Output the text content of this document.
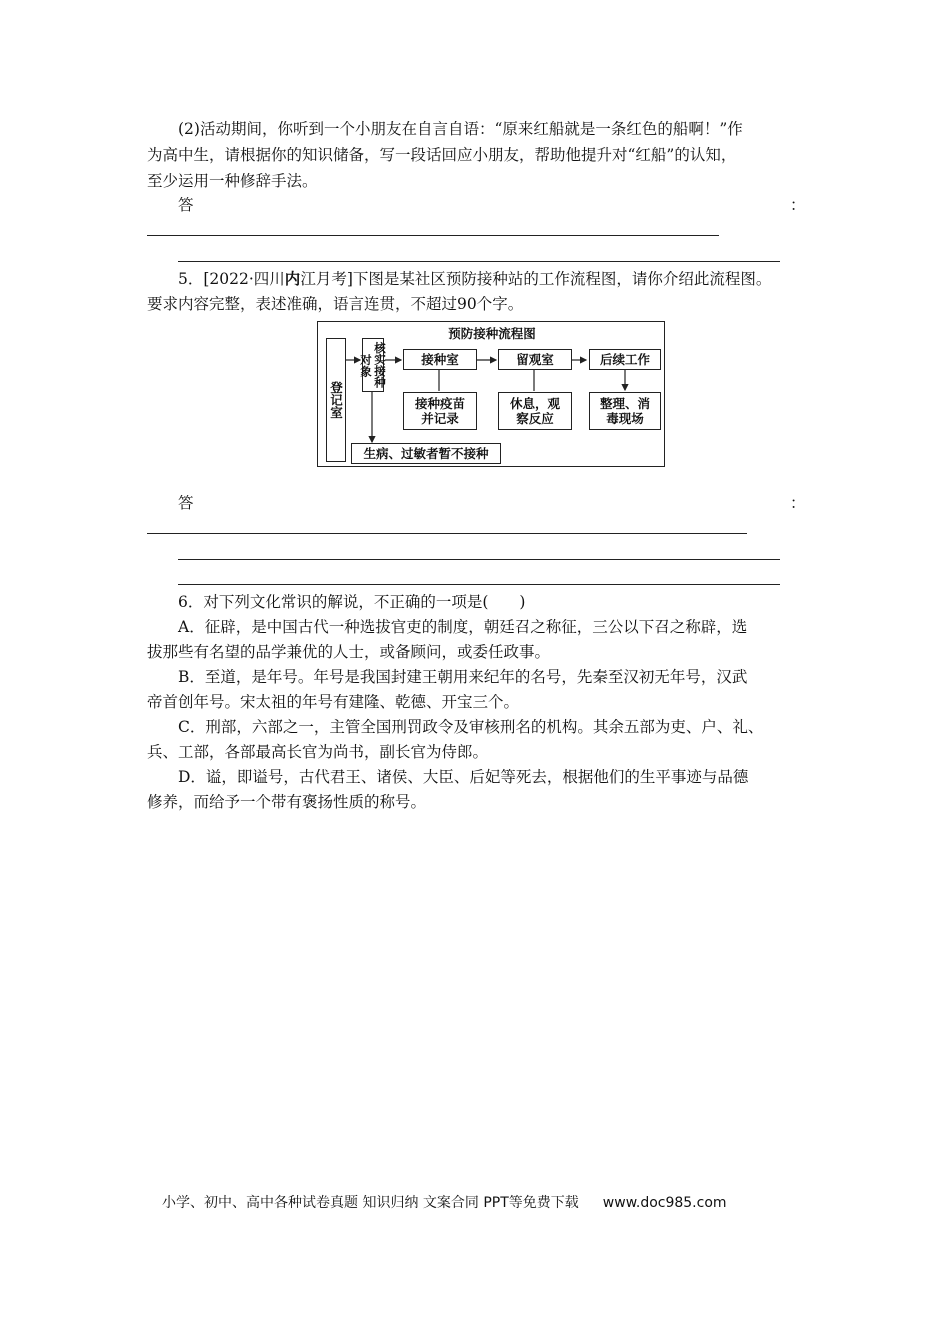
(2)活动期间，你听到一个小朋友在自言自语：“原来红船就是一条红色的船啊！”作
为高中生，请根据你的知识储备，写一段话回应小朋友，帮助他提升对“红船”的认知，
至少运用一种修辞手法。
答	：
5．[2022·四川内江月考]下图是某社区预防接种站的工作流程图，请你介绍此流程图。
要求内容完整，表述准确，语言连贯，不超过90个字。
预防接种流程图
登记室
核实接种对象	接种室	留观室	后续工作
接种疫苗并记录
休息，观察反应
整理、消毒现场
生病、过敏者暂不接种
答	：
6．对下列文化常识的解说，不正确的一项是(　　)
A．征辟，是中国古代一种选拔官吏的制度，朝廷召之称征，三公以下召之称辟，选
拔那些有名望的品学兼优的人士，或备顾问，或委任政事。
B．至道，是年号。年号是我国封建王朝用来纪年的名号，先秦至汉初无年号，汉武
帝首创年号。宋太祖的年号有建隆、乾德、开宝三个。
C．刑部，六部之一，主管全国刑罚政令及审核刑名的机构。其余五部为吏、户、礼、
兵、工部，各部最高长官为尚书，副长官为侍郎。
D．谥，即谥号，古代君王、诸侯、大臣、后妃等死去，根据他们的生平事迹与品德
修养，而给予一个带有褒扬性质的称号。
小学、初中、高中各种试卷真题 知识归纳 文案合同 PPT等免费下载 www.doc985.com
